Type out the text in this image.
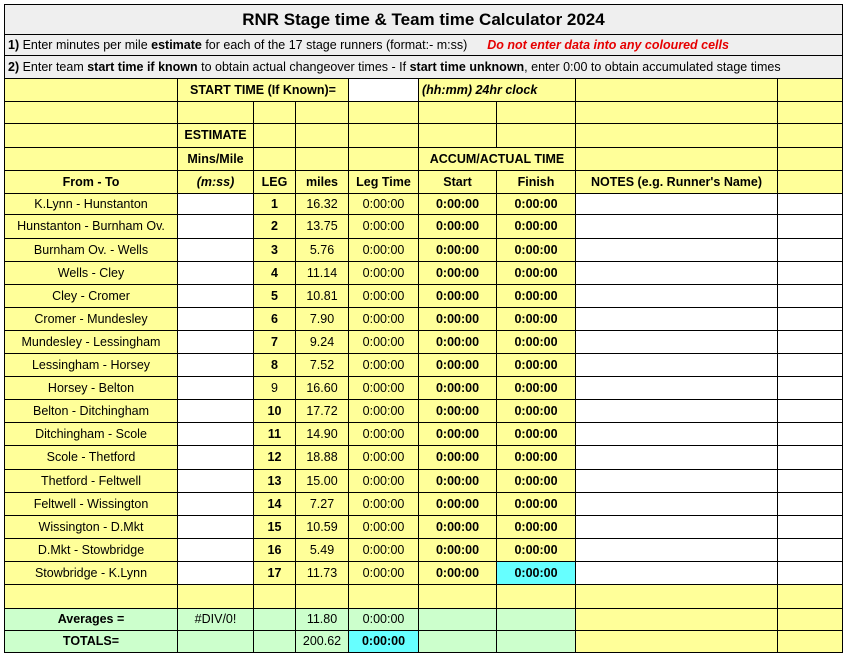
RNR Stage time & Team time Calculator 2024								
1) Enter minutes per mile estimate for each of the 17 stage runners (format:- m:ss) Do not enter data into any coloured cells								
2) Enter team start time if known to obtain actual changeover times - If start time unknown, enter 0:00 to obtain accumulated stage times								
	START TIME (If Known)=				(hh:mm) 24hr clock			

	ESTIMATE							
	Mins/Mile				ACCUM/ACTUAL TIME			
From - To	(m:ss)	LEG	miles	Leg Time	Start	Finish	NOTES (e.g. Runner's Name)	
K.Lynn - Hunstanton		1	16.32	0:00:00	0:00:00	0:00:00		
Hunstanton - Burnham Ov.		2	13.75	0:00:00	0:00:00	0:00:00		
Burnham Ov. - Wells		3	5.76	0:00:00	0:00:00	0:00:00		
Wells - Cley		4	11.14	0:00:00	0:00:00	0:00:00		
Cley - Cromer		5	10.81	0:00:00	0:00:00	0:00:00		
Cromer - Mundesley		6	7.90	0:00:00	0:00:00	0:00:00		
Mundesley - Lessingham		7	9.24	0:00:00	0:00:00	0:00:00		
Lessingham - Horsey		8	7.52	0:00:00	0:00:00	0:00:00		
Horsey - Belton		9	16.60	0:00:00	0:00:00	0:00:00		
Belton - Ditchingham		10	17.72	0:00:00	0:00:00	0:00:00		
Ditchingham - Scole		11	14.90	0:00:00	0:00:00	0:00:00		
Scole - Thetford		12	18.88	0:00:00	0:00:00	0:00:00		
Thetford - Feltwell		13	15.00	0:00:00	0:00:00	0:00:00		
Feltwell - Wissington		14	7.27	0:00:00	0:00:00	0:00:00		
Wissington - D.Mkt		15	10.59	0:00:00	0:00:00	0:00:00		
D.Mkt - Stowbridge		16	5.49	0:00:00	0:00:00	0:00:00		
Stowbridge - K.Lynn		17	11.73	0:00:00	0:00:00	0:00:00		

Averages =	#DIV/0!		11.80	0:00:00				
TOTALS=			200.62	0:00:00				
